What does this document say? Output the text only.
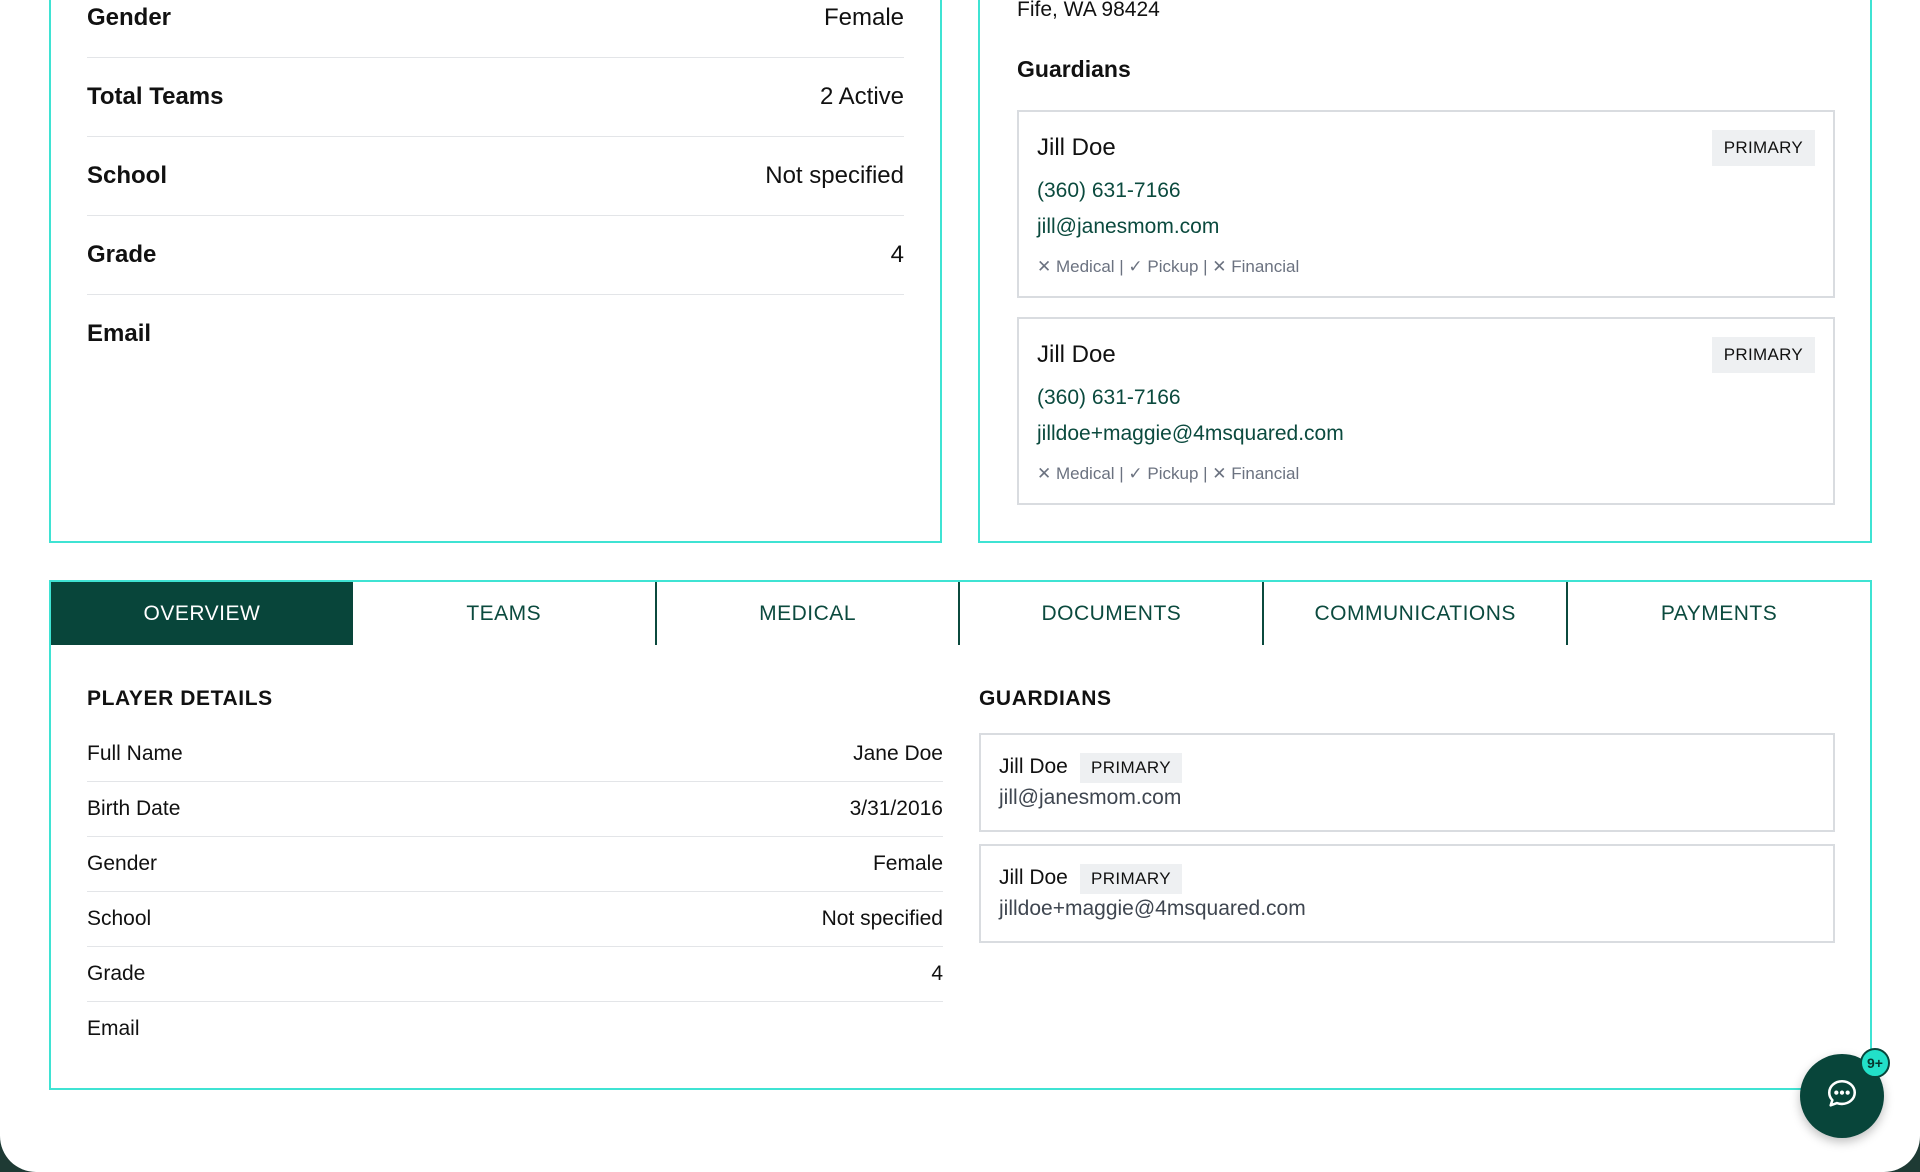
Gender	Female
Total Teams	2 Active
School	Not specified
Grade	4
Email
Fife, WA 98424
Guardians
Jill Doe	PRIMARY
(360) 631-7166
jill@janesmom.com
✕ Medical | ✓ Pickup | ✕ Financial
Jill Doe	PRIMARY
(360) 631-7166
jilldoe+maggie@4msquared.com
✕ Medical | ✓ Pickup | ✕ Financial
OVERVIEW	TEAMS	MEDICAL	DOCUMENTS	COMMUNICATIONS	PAYMENTS
PLAYER DETAILS
Full Name	Jane Doe
Birth Date	3/31/2016
Gender	Female
School	Not specified
Grade	4
Email
GUARDIANS
Jill Doe	PRIMARY
jill@janesmom.com
Jill Doe	PRIMARY
jilldoe+maggie@4msquared.com
9+
